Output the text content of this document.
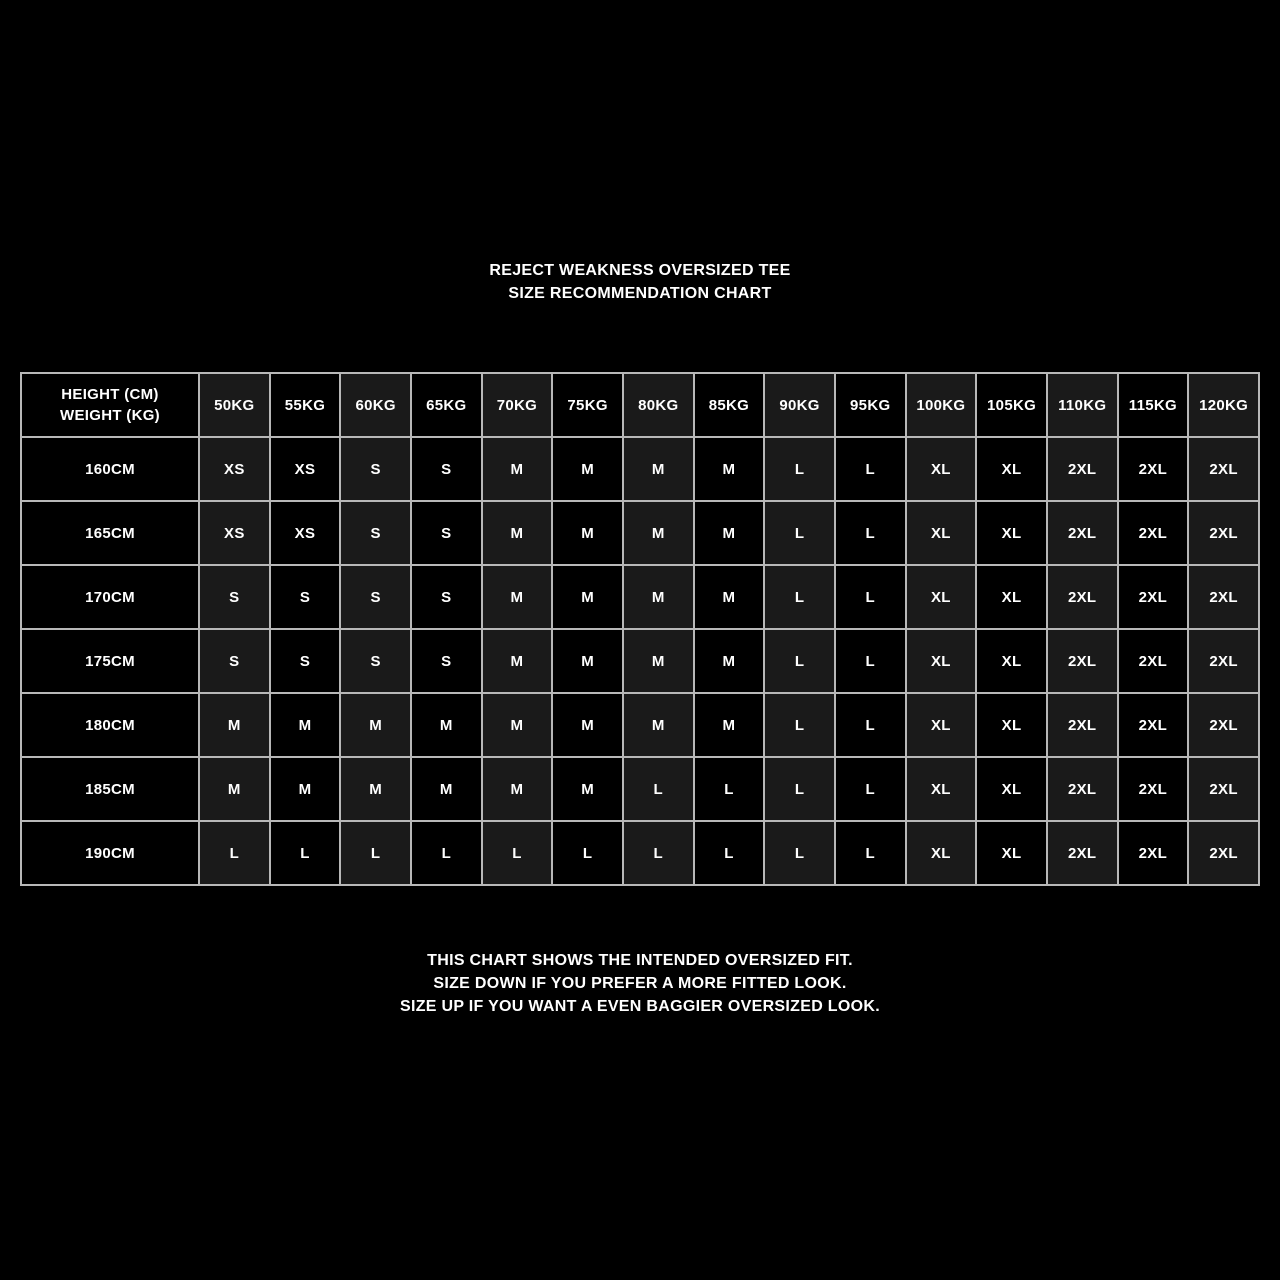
REJECT WEAKNESS OVERSIZED TEE
SIZE RECOMMENDATION CHART
HEIGHT (CM)
WEIGHT (KG)	50KG	55KG	60KG	65KG	70KG	75KG	80KG	85KG	90KG	95KG	100KG	105KG	110KG	115KG	120KG
160CM	XS	XS	S	S	M	M	M	M	L	L	XL	XL	2XL	2XL	2XL
165CM	XS	XS	S	S	M	M	M	M	L	L	XL	XL	2XL	2XL	2XL
170CM	S	S	S	S	M	M	M	M	L	L	XL	XL	2XL	2XL	2XL
175CM	S	S	S	S	M	M	M	M	L	L	XL	XL	2XL	2XL	2XL
180CM	M	M	M	M	M	M	M	M	L	L	XL	XL	2XL	2XL	2XL
185CM	M	M	M	M	M	M	L	L	L	L	XL	XL	2XL	2XL	2XL
190CM	L	L	L	L	L	L	L	L	L	L	XL	XL	2XL	2XL	2XL
THIS CHART SHOWS THE INTENDED OVERSIZED FIT.
SIZE DOWN IF YOU PREFER A MORE FITTED LOOK.
SIZE UP IF YOU WANT A EVEN BAGGIER OVERSIZED LOOK.
